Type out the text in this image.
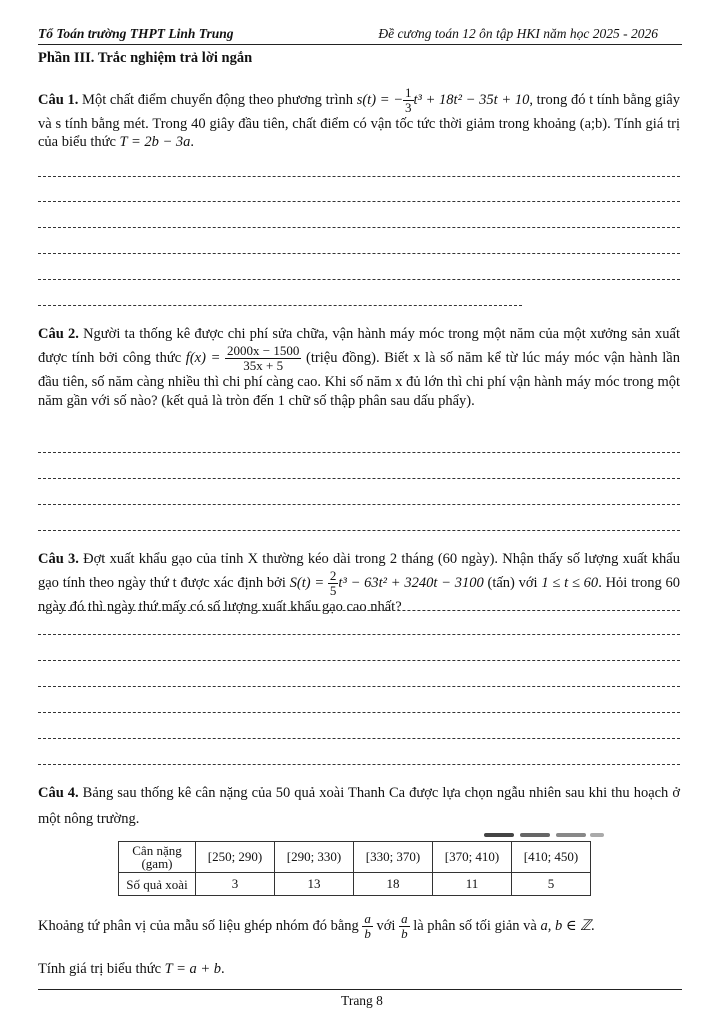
Tổ Toán trường THPT Linh Trung	Đề cương toán 12 ôn tập HKI năm học 2025 - 2026
Phần III. Trắc nghiệm trả lời ngắn
Câu 1. Một chất điểm chuyển động theo phương trình s(t) = − $\frac{1}{3} t^3 + 18t^2 - 35t + 10$, trong đó t tính bằng giây và s tính bằng mét. Trong 40 giây đầu tiên, chất điểm có vận tốc tức thời giảm trong khoảng (a;b). Tính giá trị của biểu thức T = 2b − 3a.
Câu 2. Người ta thống kê được chi phí sửa chữa, vận hành máy móc trong một năm của một xưởng sản xuất được tính bởi công thức $f(x) = \frac{2000x - 1500}{35x + 5}$ (triệu đồng). Biết x là số năm kể từ lúc máy móc vận hành lần đầu tiên, số năm càng nhiều thì chi phí càng cao. Khi số năm x đủ lớn thì chi phí vận hành máy móc trong một năm gần với số nào? (kết quả là tròn đến 1 chữ số thập phân sau dấu phẩy).
Câu 3. Đợt xuất khẩu gạo của tỉnh X thường kéo dài trong 2 tháng (60 ngày). Nhận thấy số lượng xuất khẩu gạo tính theo ngày thứ t được xác định bởi $S(t) = \frac{2}{5} t^3 - 63t^2 + 3240t - 3100$ (tấn) với 1 ≤ t ≤ 60. Hỏi trong 60 ngày đó thì ngày thứ mấy có số lượng xuất khẩu gạo cao nhất?
Câu 4. Bảng sau thống kê cân nặng của 50 quả xoài Thanh Ca được lựa chọn ngẫu nhiên sau khi thu hoạch ở một nông trường.
Cân nặng (gam)	[250; 290)	[290; 330)	[330; 370)	[370; 410)	[410; 450)
Số quả xoài	3	13	18	11	5
Khoảng tứ phân vị của mẫu số liệu ghép nhóm đó bằng $\frac{a}{b}$ với $\frac{a}{b}$ là phân số tối giản và a, b ∈ ℤ.
Tính giá trị biểu thức T = a + b.
Trang 8
